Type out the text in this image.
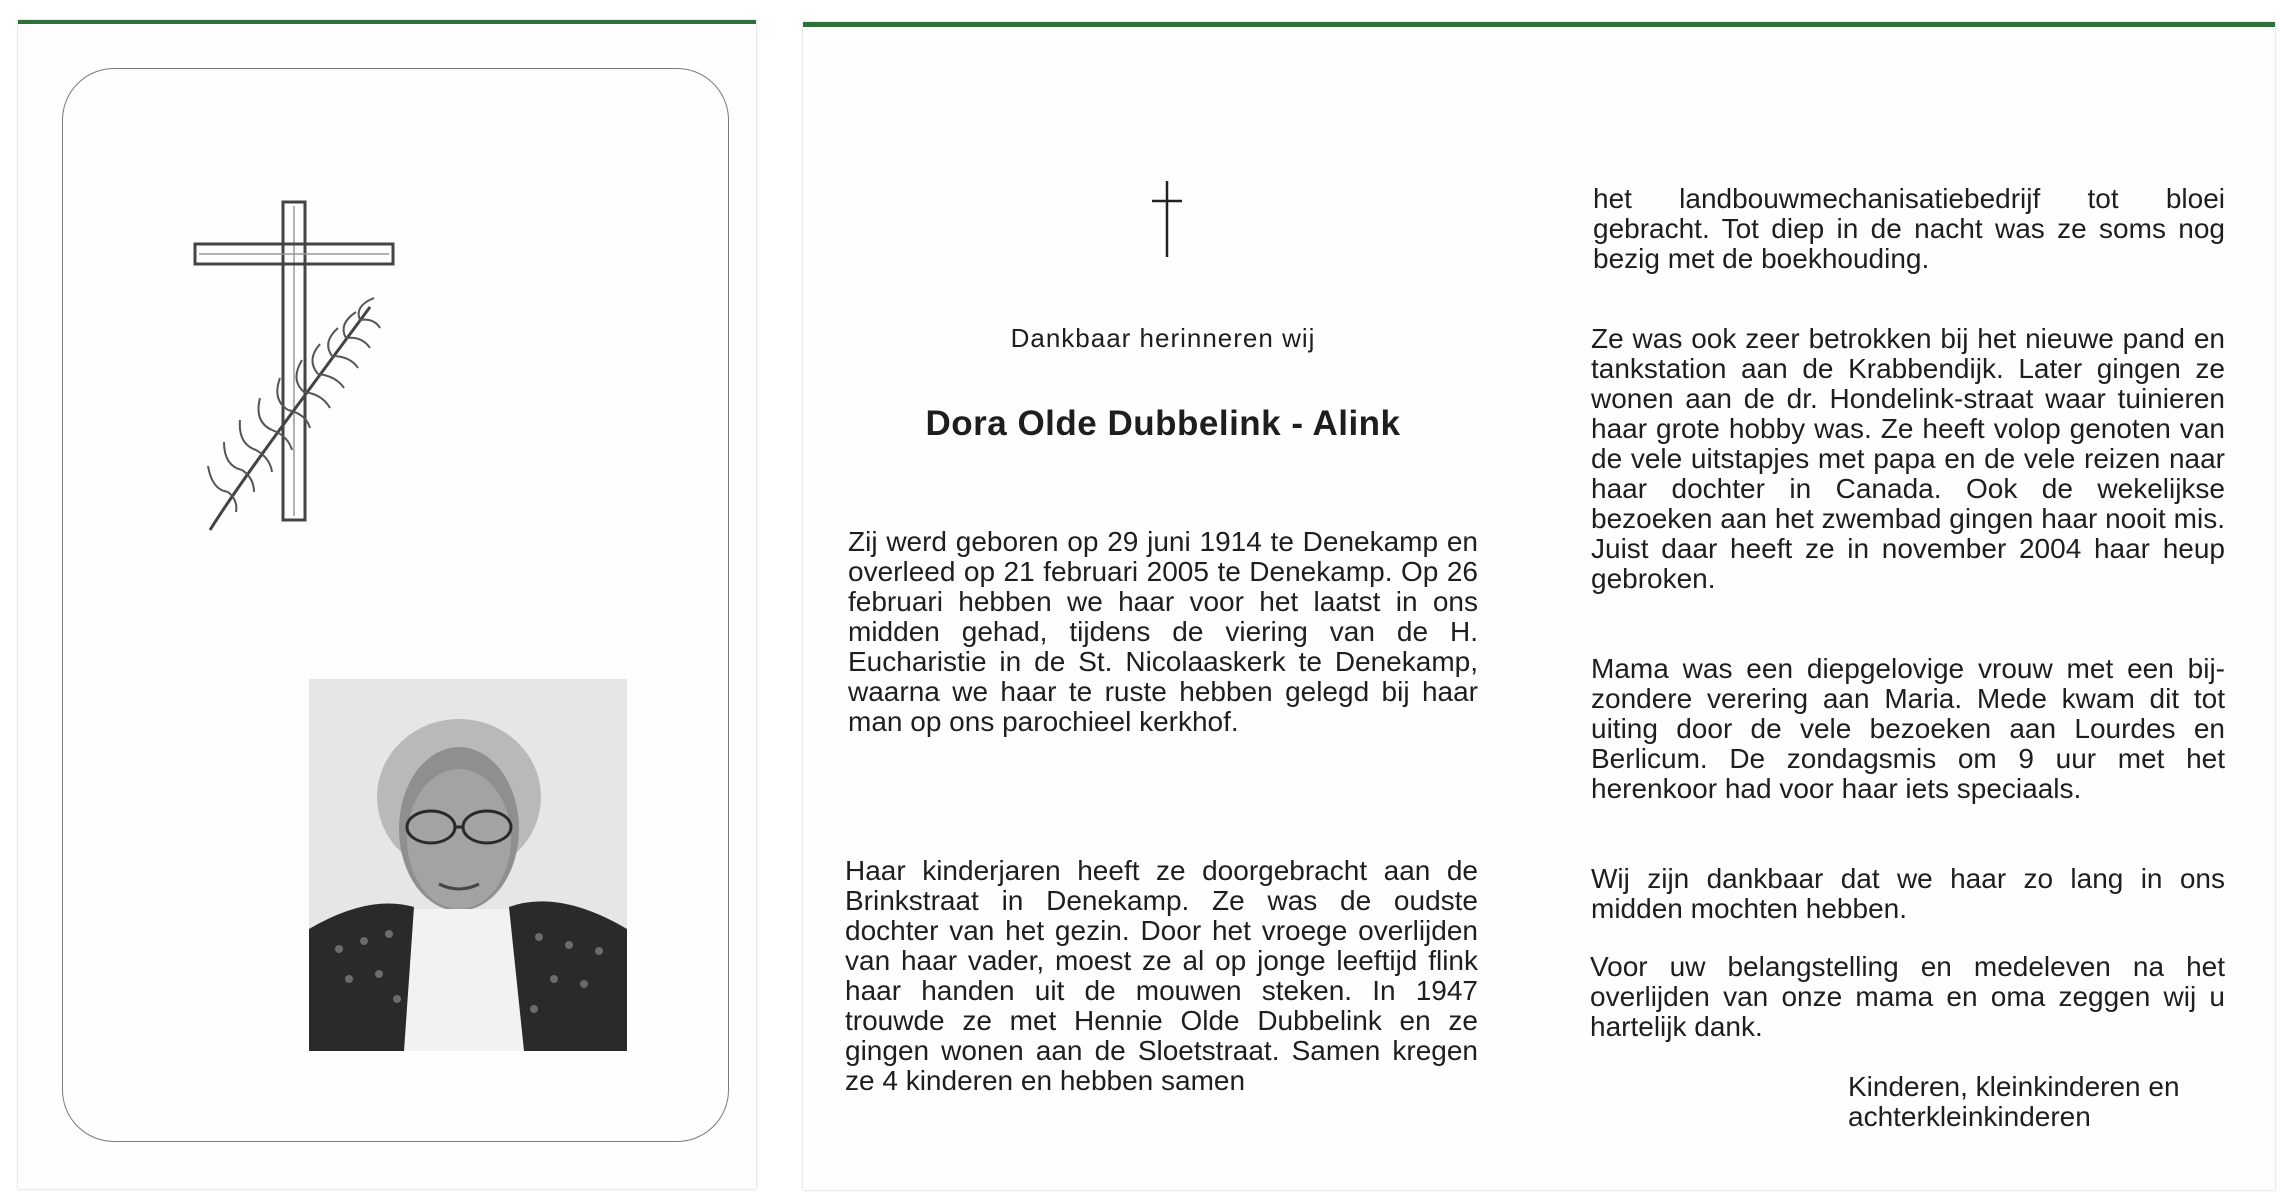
Dankbaar herinneren wij

Dora Olde Dubbelink - Alink

Zij werd geboren op 29 juni 1914 te Denekamp en overleed op 21 februari 2005 te Denekamp. Op 26 februari hebben we haar voor het laatst in ons midden gehad, tijdens de viering van de H. Eucharistie in de St. Nicolaaskerk te Denekamp, waarna we haar te ruste hebben gelegd bij haar man op ons parochieel kerkhof.

Haar kinderjaren heeft ze doorgebracht aan de Brinkstraat in Denekamp. Ze was de oudste dochter van het gezin. Door het vroege overlijden van haar vader, moest ze al op jonge leeftijd flink haar handen uit de mouwen steken. In 1947 trouwde ze met Hennie Olde Dubbelink en ze gingen wonen aan de Sloetstraat. Samen kregen ze 4 kinderen en hebben samen

het landbouwmechanisatiebedrijf tot bloei gebracht. Tot diep in de nacht was ze soms nog bezig met de boekhouding.

Ze was ook zeer betrokken bij het nieuwe pand en tankstation aan de Krabbendijk. Later gingen ze wonen aan de dr. Hondelink-straat waar tuinieren haar grote hobby was. Ze heeft volop genoten van de vele uitstapjes met papa en de vele reizen naar haar dochter in Canada. Ook de wekelijkse bezoeken aan het zwembad gingen haar nooit mis. Juist daar heeft ze in november 2004 haar heup gebroken.

Mama was een diepgelovige vrouw met een bij-zondere verering aan Maria. Mede kwam dit tot uiting door de vele bezoeken aan Lourdes en Berlicum. De zondagsmis om 9 uur met het herenkoor had voor haar iets speciaals.

Wij zijn dankbaar dat we haar zo lang in ons midden mochten hebben.

Voor uw belangstelling en medeleven na het overlijden van onze mama en oma zeggen wij u hartelijk dank.

Kinderen, kleinkinderen en

achterkleinkinderen
